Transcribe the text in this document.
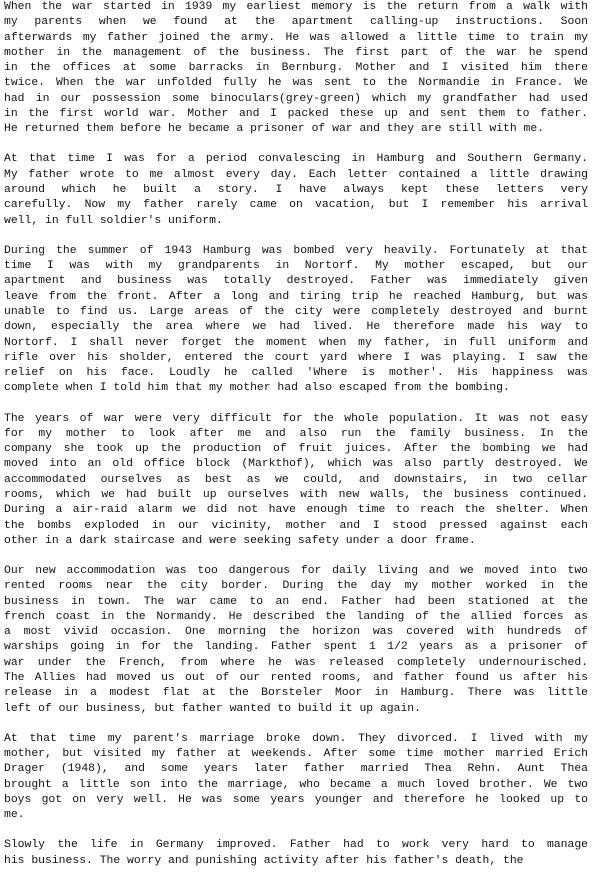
When the war started in 1939 my earliest memory is the return from a walk with
my parents when we found at the apartment calling-up instructions. Soon
afterwards my father joined the army. He was allowed a little time to train my
mother in the management of the business. The first part of the war he spend
in the offices at some barracks in Bernburg. Mother and I visited him there
twice. When the war unfolded fully he was sent to the Normandie in France. We
had in our possession some binoculars(grey-green) which my grandfather had used
in the first world war. Mother and I packed these up and sent them to father.
He returned them before he became a prisoner of war and they are still with me.
At that time I was for a period convalescing in Hamburg and Southern Germany.
My father wrote to me almost every day. Each letter contained a little drawing
around which he built a story. I have always kept these letters very
carefully. Now my father rarely came on vacation, but I remember his arrival
well, in full soldier's uniform.
During the summer of 1943 Hamburg was bombed very heavily. Fortunately at that
time I was with my grandparents in Nortorf. My mother escaped, but our
apartment and business was totally destroyed. Father was immediately given
leave from the front. After a long and tiring trip he reached Hamburg, but was
unable to find us. Large areas of the city were completely destroyed and burnt
down, especially the area where we had lived. He therefore made his way to
Nortorf. I shall never forget the moment when my father, in full uniform and
rifle over his sholder, entered the court yard where I was playing. I saw the
relief on his face. Loudly he called 'Where is mother'. His happiness was
complete when I told him that my mother had also escaped from the bombing.
The years of war were very difficult for the whole population. It was not easy
for my mother to look after me and also run the family business. In the
company she took up the production of fruit juices. After the bombing we had
moved into an old office block (Markthof), which was also partly destroyed. We
accommodated ourselves as best as we could, and downstairs, in two cellar
rooms, which we had built up ourselves with new walls, the business continued.
During a air-raid alarm we did not have enough time to reach the shelter. When
the bombs exploded in our vicinity, mother and I stood pressed against each
other in a dark staircase and were seeking safety under a door frame.
Our new accommodation was too dangerous for daily living and we moved into two
rented rooms near the city border. During the day my mother worked in the
business in town. The war came to an end. Father had been stationed at the
french coast in the Normandy. He described the landing of the allied forces as
a most vivid occasion. One morning the horizon was covered with hundreds of
warships going in for the landing. Father spent 1 1/2 years as a prisoner of
war under the French, from where he was released completely undernourisched.
The Allies had moved us out of our rented rooms, and father found us after his
release in a modest flat at the Borsteler Moor in Hamburg. There was little
left of our business, but father wanted to build it up again.
At that time my parent's marriage broke down. They divorced. I lived with my
mother, but visited my father at weekends. After some time mother married Erich
Drager (1948), and some years later father married Thea Rehn. Aunt Thea
brought a little son into the marriage, who became a much loved brother. We two
boys got on very well. He was some years younger and therefore he looked up to
me.
Slowly the life in Germany improved. Father had to work very hard to manage
his business. The worry and punishing activity after his father's death, the
